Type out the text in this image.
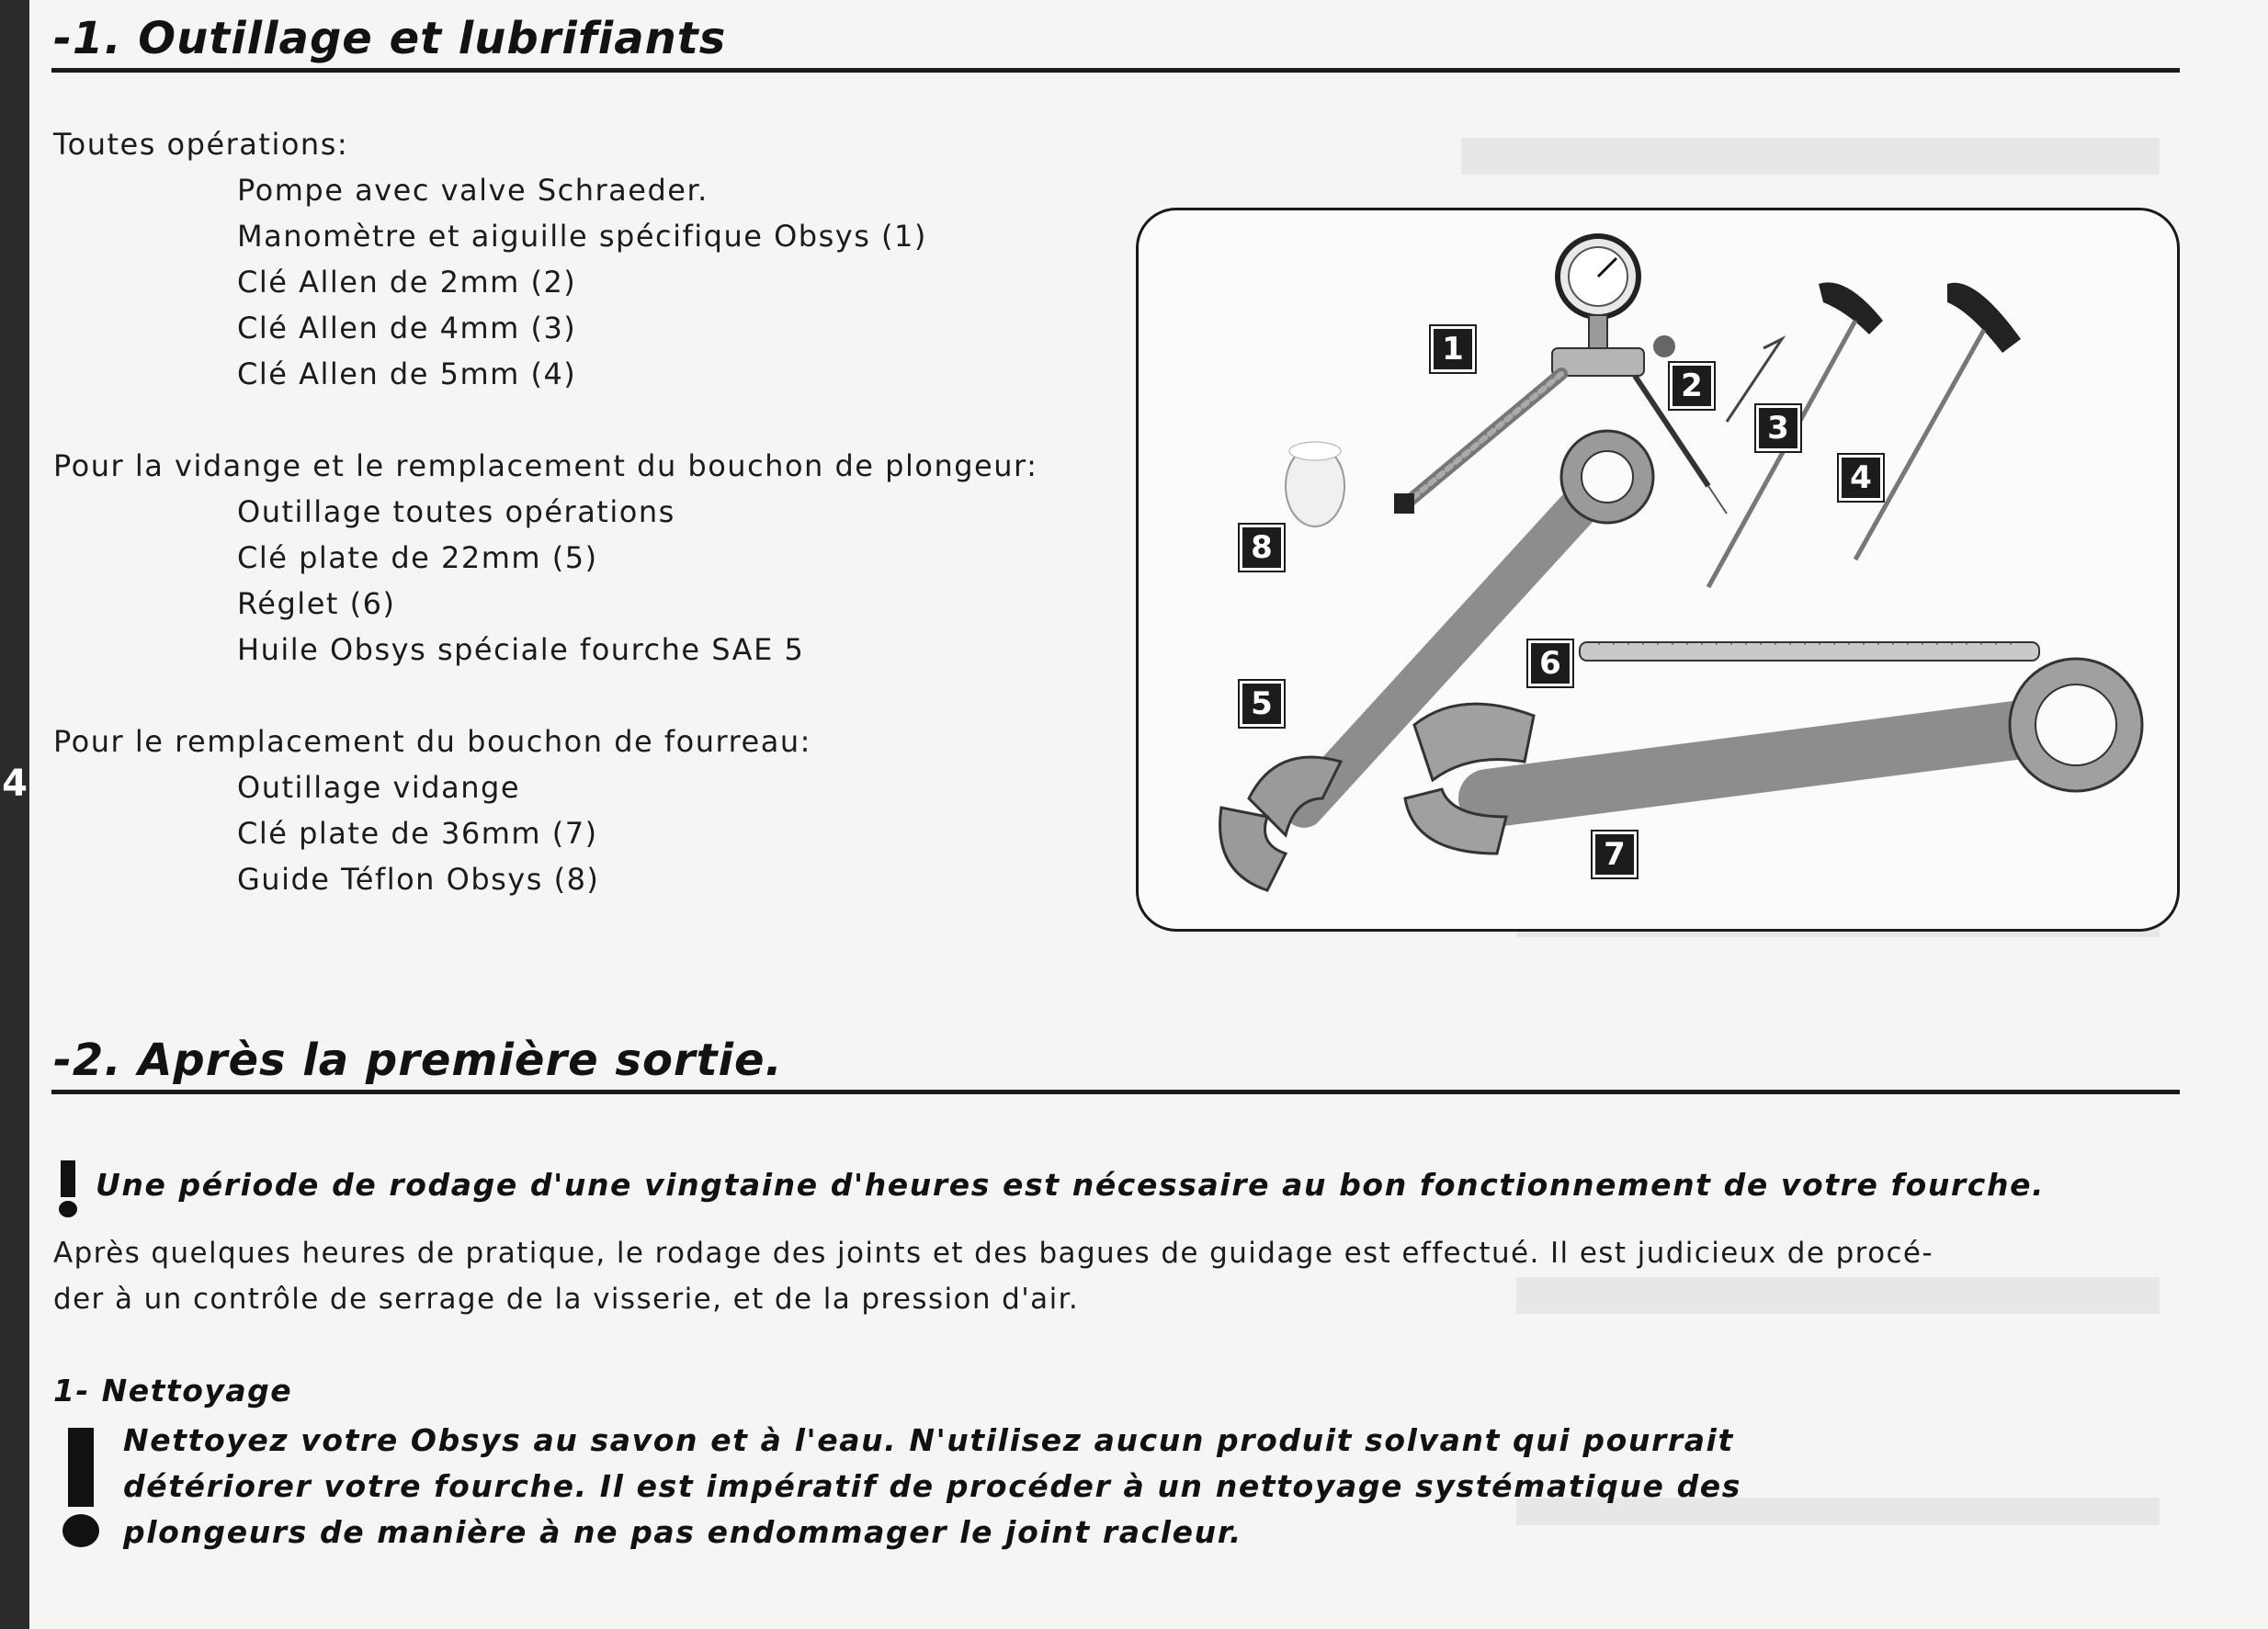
4
-1. Outillage et lubrifiants
Toutes opérations:
Pompe avec valve Schraeder.
Manomètre et aiguille spécifique Obsys (1)
Clé Allen de 2mm (2)
Clé Allen de 4mm (3)
Clé Allen de 5mm (4)
Pour la vidange et le remplacement du bouchon de plongeur:
Outillage toutes opérations
Clé plate de 22mm (5)
Réglet (6)
Huile Obsys spéciale fourche SAE 5
Pour le remplacement du bouchon de fourreau:
Outillage vidange
Clé plate de 36mm (7)
Guide Téflon Obsys (8)
1
2
3
4
5
6
7
8
-2. Après la première sortie.
Une période de rodage d'une vingtaine d'heures est nécessaire au bon fonctionnement de votre fourche.
Après quelques heures de pratique, le rodage des joints et des bagues de guidage est effectué. Il est judicieux de procé-
der à un contrôle de serrage de la visserie, et de la pression d'air.
1- Nettoyage
Nettoyez votre Obsys au savon et à l'eau. N'utilisez aucun produit solvant qui pourrait
détériorer votre fourche. Il est impératif de procéder à un nettoyage systématique des
plongeurs de manière à ne pas endommager le joint racleur.
